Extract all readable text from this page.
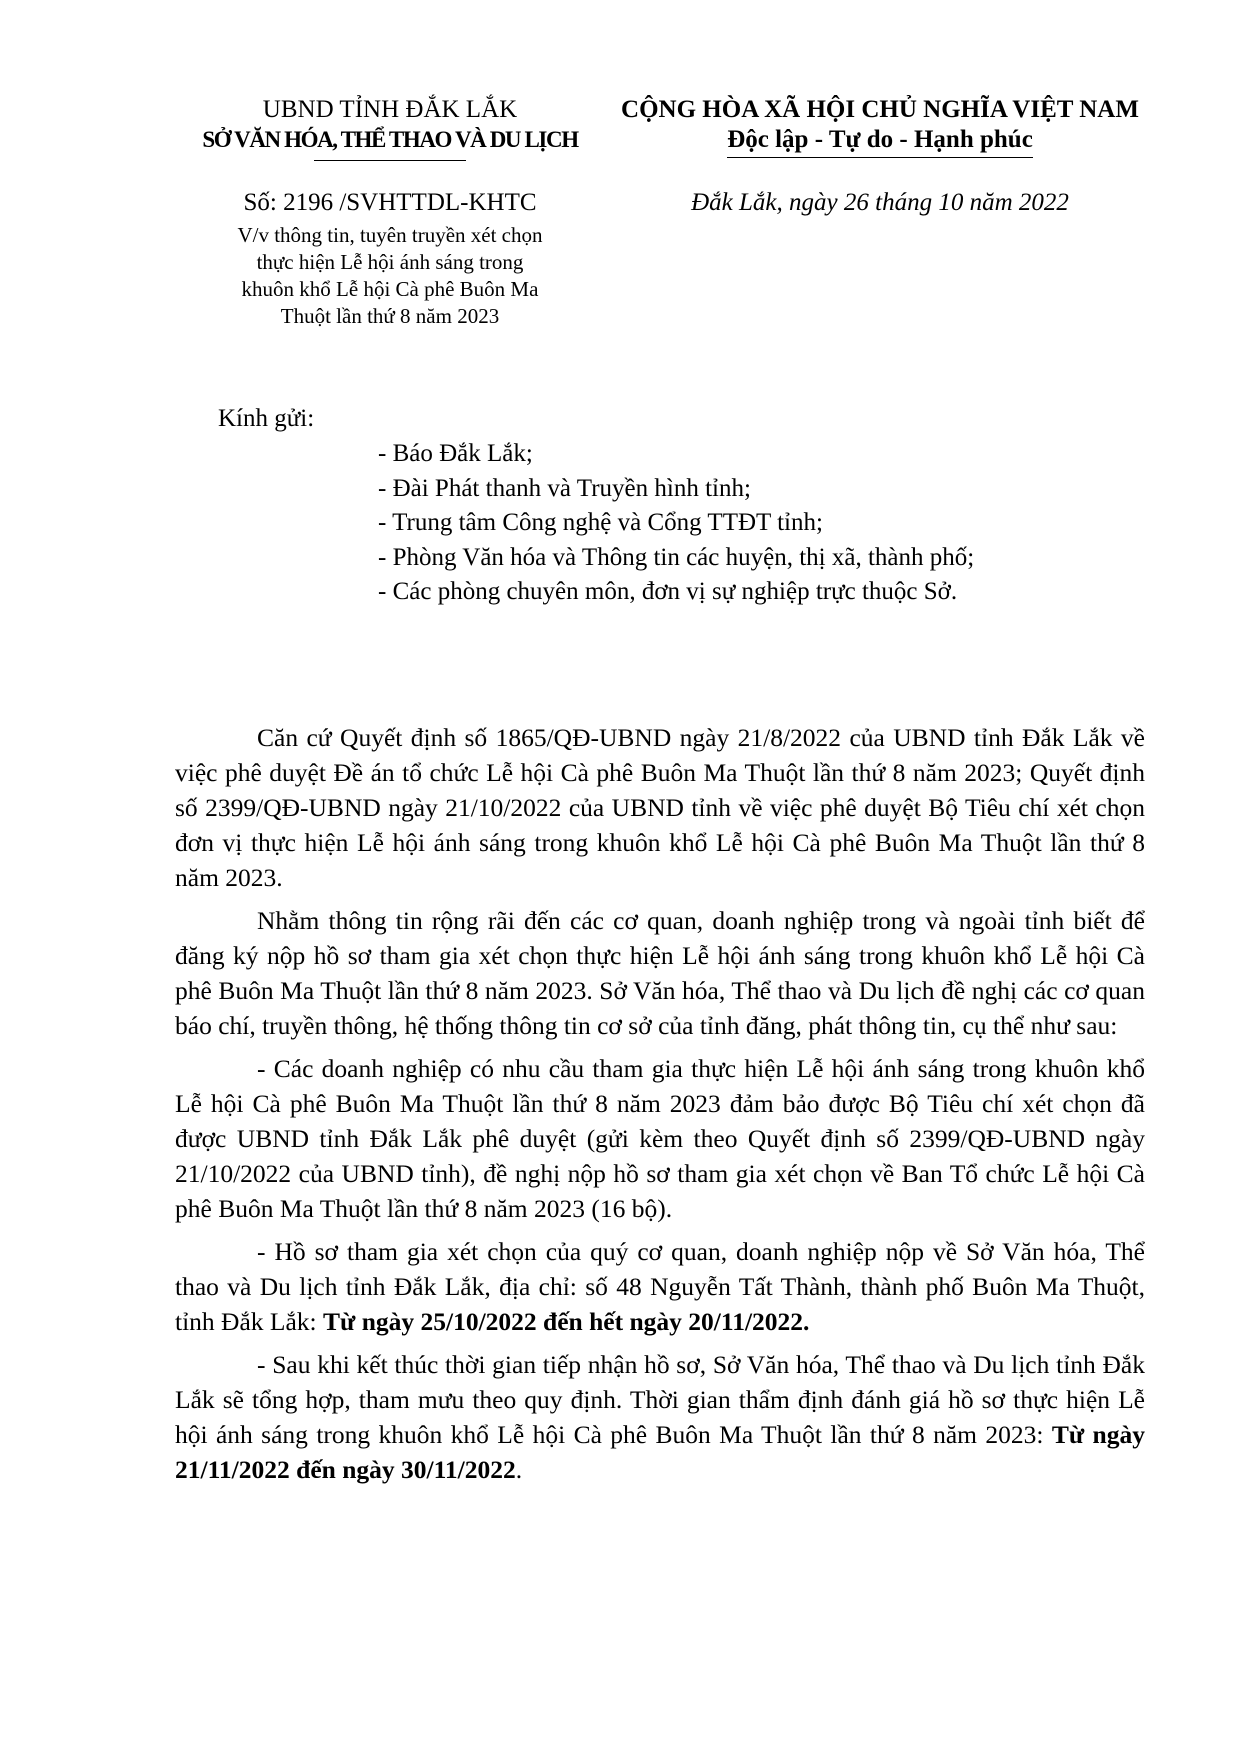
UBND TỈNH ĐẮK LẮK
SỞ VĂN HÓA, THỂ THAO VÀ DU LỊCH
CỘNG HÒA XÃ HỘI CHỦ NGHĨA VIỆT NAM
Độc lập - Tự do - Hạnh phúc
Số: 2196 /SVHTTDL-KHTC	Đắk Lắk, ngày 26 tháng 10 năm 2022
V/v thông tin, tuyên truyền xét chọn
thực hiện Lễ hội ánh sáng trong
khuôn khổ Lễ hội Cà phê Buôn Ma
Thuột lần thứ 8 năm 2023
Kính gửi:
- Báo Đắk Lắk;
- Đài Phát thanh và Truyền hình tỉnh;
- Trung tâm Công nghệ và Cổng TTĐT tỉnh;
- Phòng Văn hóa và Thông tin các huyện, thị xã, thành phố;
- Các phòng chuyên môn, đơn vị sự nghiệp trực thuộc Sở.

Căn cứ Quyết định số 1865/QĐ-UBND ngày 21/8/2022 của UBND tỉnh Đắk Lắk về việc phê duyệt Đề án tổ chức Lễ hội Cà phê Buôn Ma Thuột lần thứ 8 năm 2023; Quyết định số 2399/QĐ-UBND ngày 21/10/2022 của UBND tỉnh về việc phê duyệt Bộ Tiêu chí xét chọn đơn vị thực hiện Lễ hội ánh sáng trong khuôn khổ Lễ hội Cà phê Buôn Ma Thuột lần thứ 8 năm 2023.

Nhằm thông tin rộng rãi đến các cơ quan, doanh nghiệp trong và ngoài tỉnh biết để đăng ký nộp hồ sơ tham gia xét chọn thực hiện Lễ hội ánh sáng trong khuôn khổ Lễ hội Cà phê Buôn Ma Thuột lần thứ 8 năm 2023. Sở Văn hóa, Thể thao và Du lịch đề nghị các cơ quan báo chí, truyền thông, hệ thống thông tin cơ sở của tỉnh đăng, phát thông tin, cụ thể như sau:

- Các doanh nghiệp có nhu cầu tham gia thực hiện Lễ hội ánh sáng trong khuôn khổ Lễ hội Cà phê Buôn Ma Thuột lần thứ 8 năm 2023 đảm bảo được Bộ Tiêu chí xét chọn đã được UBND tỉnh Đắk Lắk phê duyệt (gửi kèm theo Quyết định số 2399/QĐ-UBND ngày 21/10/2022 của UBND tỉnh), đề nghị nộp hồ sơ tham gia xét chọn về Ban Tổ chức Lễ hội Cà phê Buôn Ma Thuột lần thứ 8 năm 2023 (16 bộ).

- Hồ sơ tham gia xét chọn của quý cơ quan, doanh nghiệp nộp về Sở Văn hóa, Thể thao và Du lịch tỉnh Đắk Lắk, địa chỉ: số 48 Nguyễn Tất Thành, thành phố Buôn Ma Thuột, tỉnh Đắk Lắk: Từ ngày 25/10/2022 đến hết ngày 20/11/2022.

- Sau khi kết thúc thời gian tiếp nhận hồ sơ, Sở Văn hóa, Thể thao và Du lịch tỉnh Đắk Lắk sẽ tổng hợp, tham mưu theo quy định. Thời gian thẩm định đánh giá hồ sơ thực hiện Lễ hội ánh sáng trong khuôn khổ Lễ hội Cà phê Buôn Ma Thuột lần thứ 8 năm 2023: Từ ngày 21/11/2022 đến ngày 30/11/2022.
